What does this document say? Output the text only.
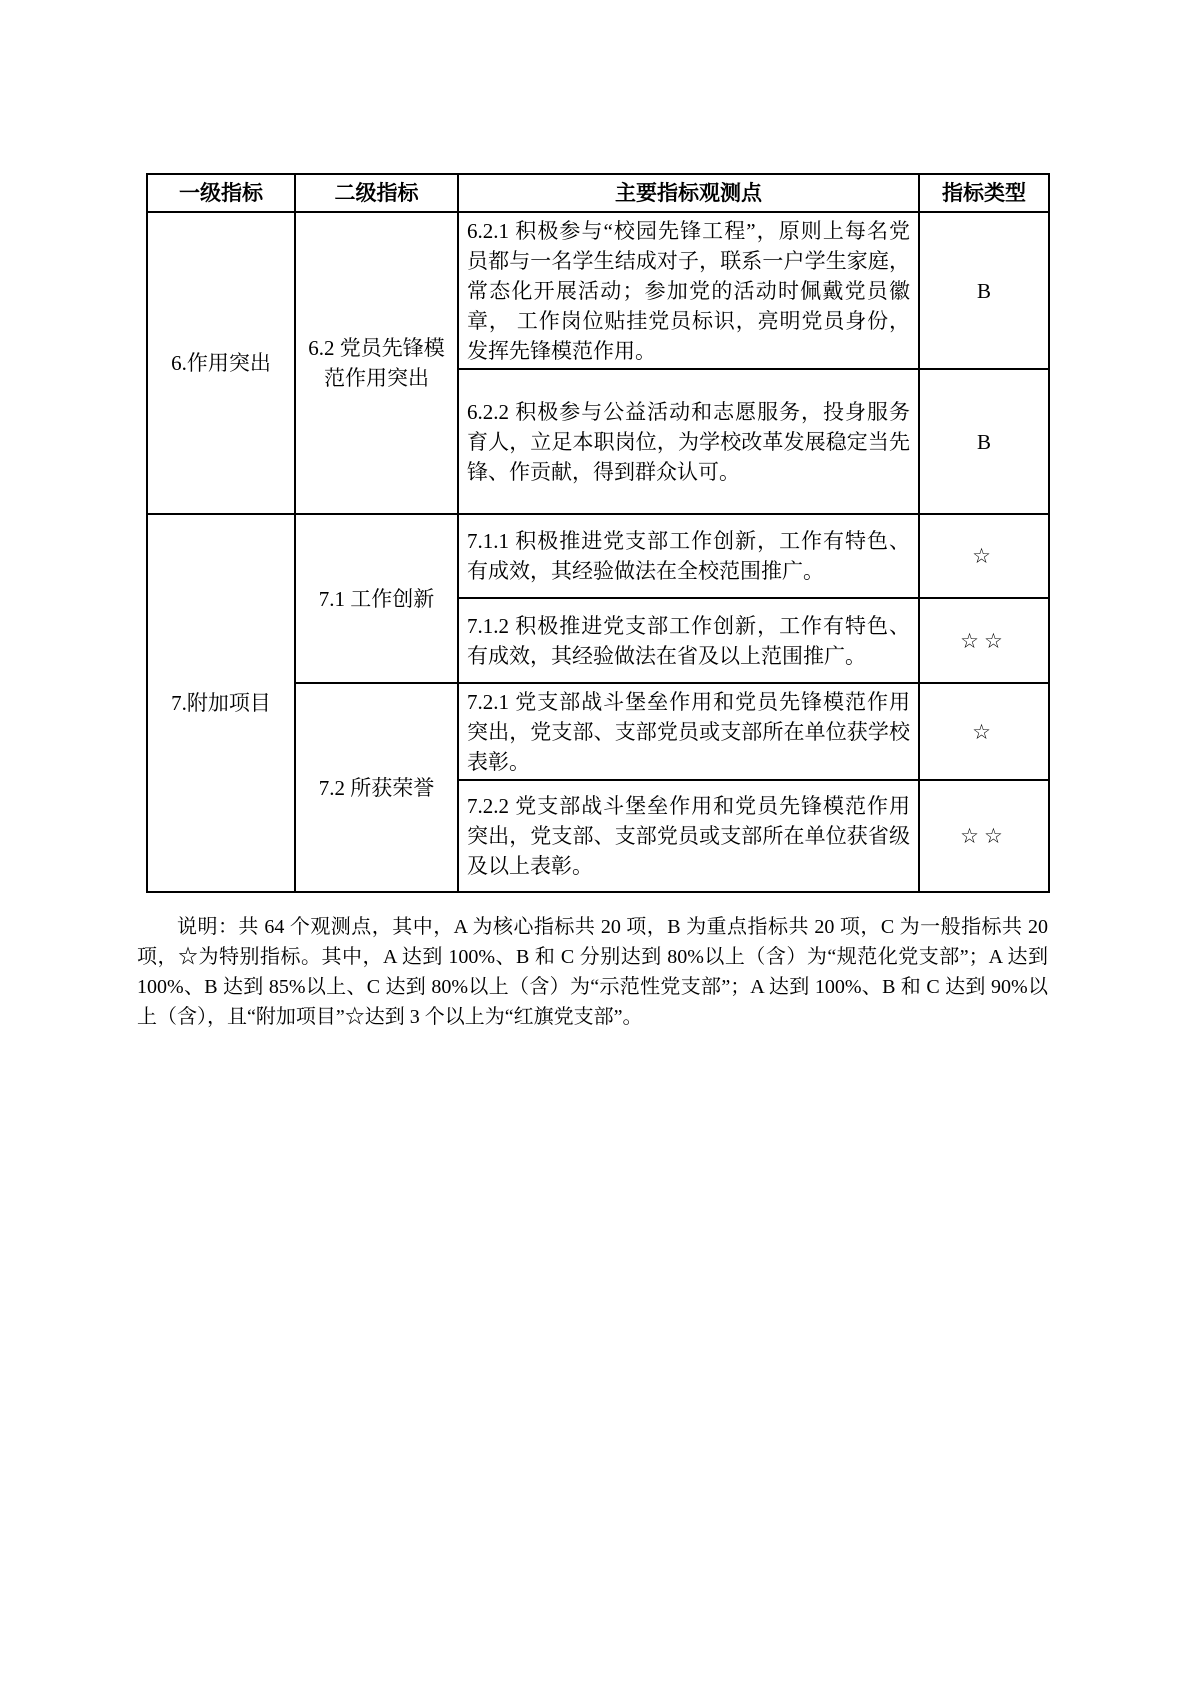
一级指标	二级指标	主要指标观测点	指标类型
6.作用突出	6.2 党员先锋模范作用突出	6.2.1 积极参与“校园先锋工程”，原则上每名党员都与一名学生结成对子，联系一户学生家庭， 常态化开展活动；参加党的活动时佩戴党员徽章， 工作岗位贴挂党员标识，亮明党员身份，发挥先锋模范作用。	B
		6.2.2 积极参与公益活动和志愿服务，投身服务育人，立足本职岗位，为学校改革发展稳定当先锋、作贡献，得到群众认可。	B
7.附加项目	7.1 工作创新	7.1.1 积极推进党支部工作创新，工作有特色、有成效，其经验做法在全校范围推广。	☆
		7.1.2 积极推进党支部工作创新，工作有特色、有成效，其经验做法在省及以上范围推广。	☆☆
	7.2 所获荣誉	7.2.1 党支部战斗堡垒作用和党员先锋模范作用突出，党支部、支部党员或支部所在单位获学校表彰。	☆
		7.2.2 党支部战斗堡垒作用和党员先锋模范作用突出，党支部、支部党员或支部所在单位获省级及以上表彰。	☆☆

说明：共 64 个观测点，其中，A 为核心指标共 20 项，B 为重点指标共 20 项，C 为一般指标共 20 项，☆为特别指标。其中，A 达到 100%、B 和 C 分别达到 80%以上（含）为“规范化党支部”；A 达到 100%、B 达到 85%以上、C 达到 80%以上（含）为“示范性党支部”；A 达到 100%、B 和 C 达到 90%以上（含），且“附加项目”☆达到 3 个以上为“红旗党支部”。
